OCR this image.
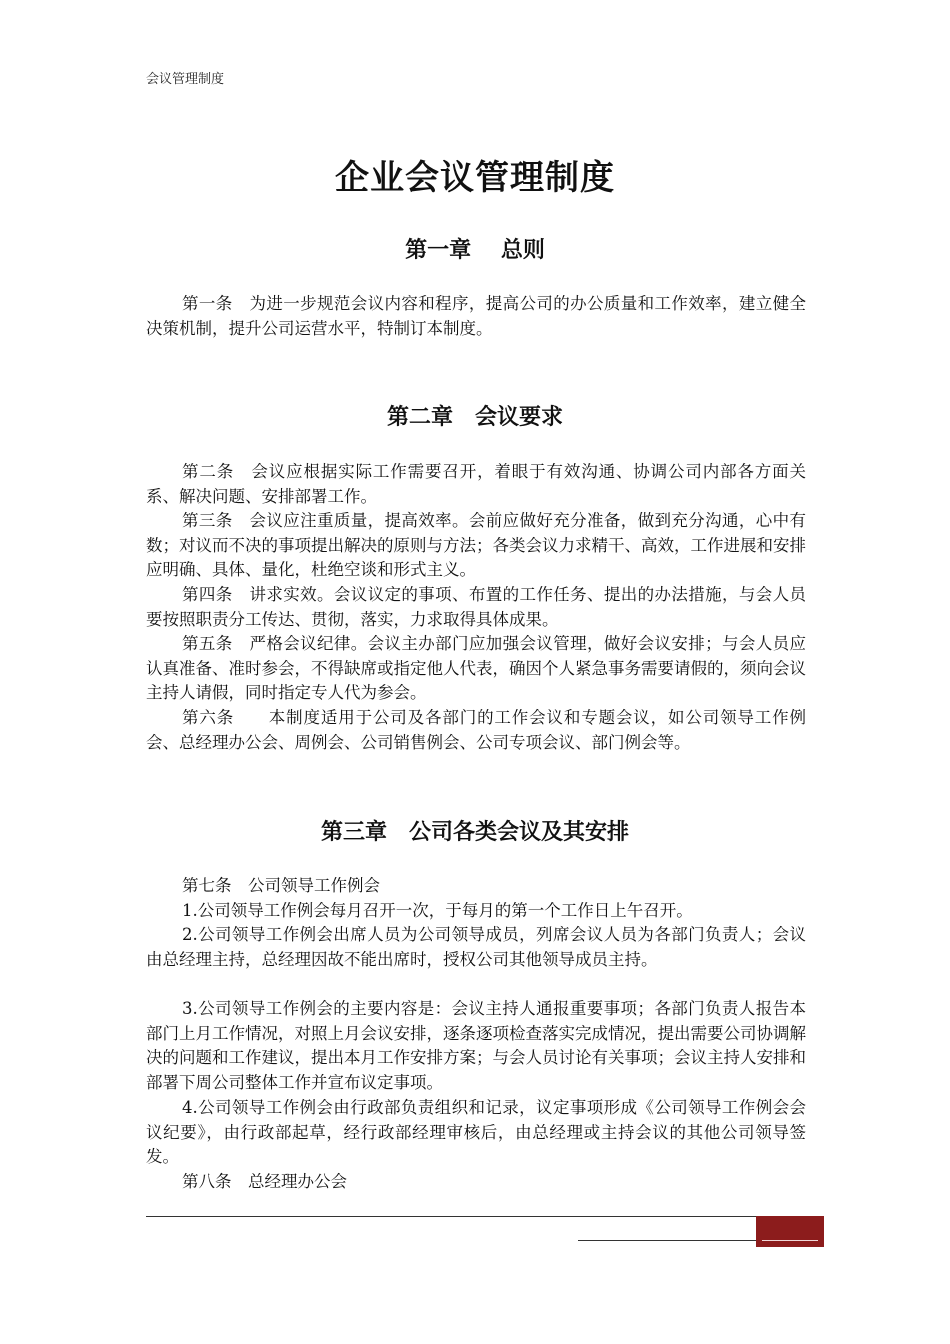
会议管理制度
企业会议管理制度
第一章　 总则
第一条　为进一步规范会议内容和程序，提高公司的办公质量和工作效率，建立健全决策机制，提升公司运营水平，特制订本制度。
第二章　会议要求
第二条　会议应根据实际工作需要召开，着眼于有效沟通、协调公司内部各方面关系、解决问题、安排部署工作。
第三条　会议应注重质量，提高效率。会前应做好充分准备，做到充分沟通，心中有数；对议而不决的事项提出解决的原则与方法；各类会议力求精干、高效，工作进展和安排应明确、具体、量化，杜绝空谈和形式主义。
第四条　讲求实效。会议议定的事项、布置的工作任务、提出的办法措施，与会人员要按照职责分工传达、贯彻，落实，力求取得具体成果。
第五条　严格会议纪律。会议主办部门应加强会议管理，做好会议安排；与会人员应认真准备、准时参会，不得缺席或指定他人代表，确因个人紧急事务需要请假的，须向会议主持人请假，同时指定专人代为参会。
第六条　　本制度适用于公司及各部门的工作会议和专题会议，如公司领导工作例会、总经理办公会、周例会、公司销售例会、公司专项会议、部门例会等。
第三章　公司各类会议及其安排
第七条　公司领导工作例会
1.公司领导工作例会每月召开一次，于每月的第一个工作日上午召开。
2.公司领导工作例会出席人员为公司领导成员，列席会议人员为各部门负责人；会议由总经理主持，总经理因故不能出席时，授权公司其他领导成员主持。
3.公司领导工作例会的主要内容是：会议主持人通报重要事项；各部门负责人报告本部门上月工作情况，对照上月会议安排，逐条逐项检查落实完成情况，提出需要公司协调解决的问题和工作建议，提出本月工作安排方案；与会人员讨论有关事项；会议主持人安排和部署下周公司整体工作并宣布议定事项。
4.公司领导工作例会由行政部负责组织和记录，议定事项形成《公司领导工作例会会议纪要》，由行政部起草，经行政部经理审核后，由总经理或主持会议的其他公司领导签发。
第八条　总经理办公会
